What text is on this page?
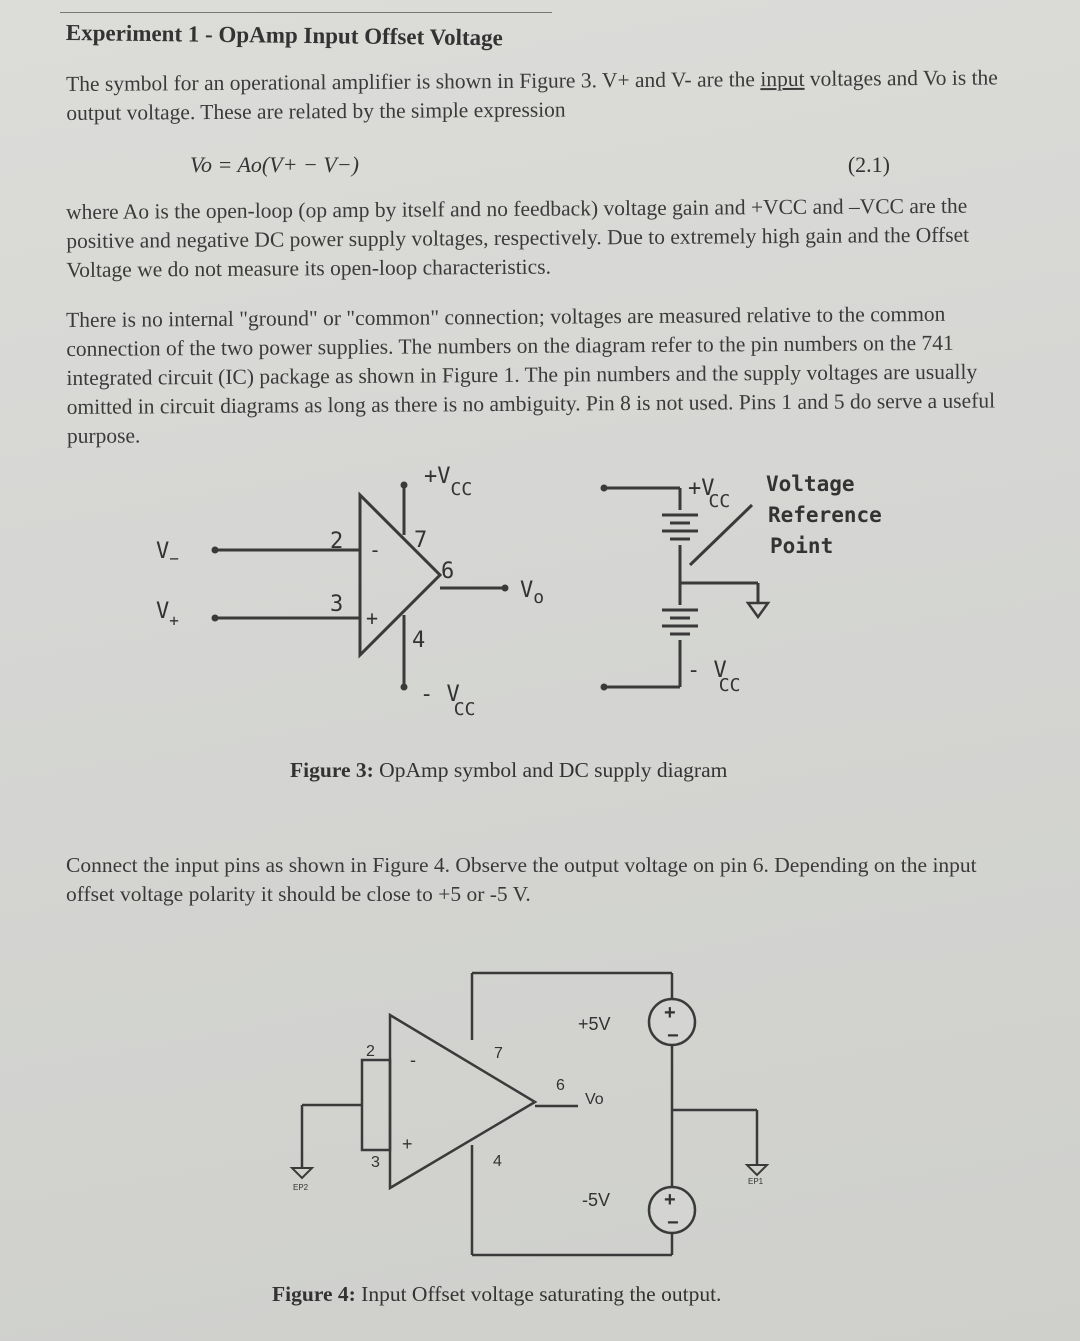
Experiment 1 - OpAmp Input Offset Voltage

The symbol for an operational amplifier is shown in Figure 3. V+ and V- are the input voltages and Vo is the output voltage. These are related by the simple expression

Vo = Ao(V+ − V−)	(2.1)

where Ao is the open-loop (op amp by itself and no feedback) voltage gain and +VCC and –VCC are the positive and negative DC power supply voltages, respectively. Due to extremely high gain and the Offset Voltage we do not measure its open-loop characteristics.

There is no internal "ground" or "common" connection; voltages are measured relative to the common connection of the two power supplies. The numbers on the diagram refer to the pin numbers on the 741 integrated circuit (IC) package as shown in Figure 1. The pin numbers and the supply voltages are usually omitted in circuit diagrams as long as there is no ambiguity. Pin 8 is not used. Pins 1 and 5 do serve a useful purpose.

$V_-$
$V_+$
2
3
7
6
4
-
+
$+V_{CC}$
- V CC
$V_o$
+V CC
- V CC
Voltage
Reference
Point
Figure 3: OpAmp symbol and DC supply diagram

Connect the input pins as shown in Figure 4. Observe the output voltage on pin 6. Depending on the input offset voltage polarity it should be close to +5 or -5 V.

+
−
+
−
2
3
7
6
4
-
+
+5V
-5V
Vo
EP2
EP1
Figure 4: Input Offset voltage saturating the output.
